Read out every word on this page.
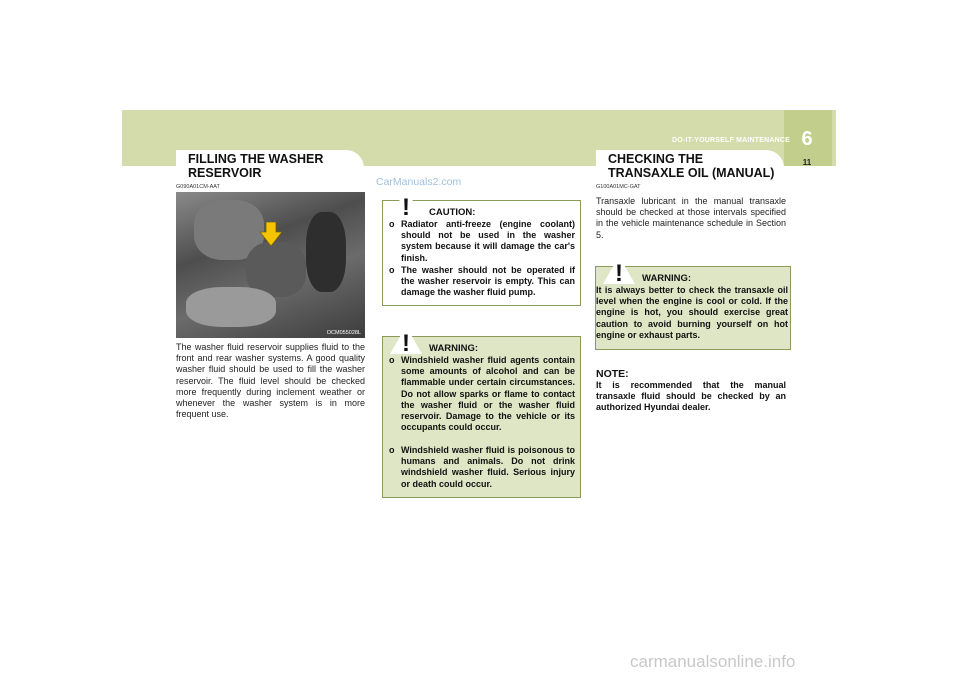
6
DO-IT-YOURSELF MAINTENANCE
11
FILLING THE WASHER
RESERVOIR
G090A01CM-AAT
OCM055028L
The washer fluid reservoir supplies fluid to the front and rear washer systems. A good quality washer fluid should be used to fill the washer reservoir. The fluid level should be checked more frequently during inclement weather or whenever the washer system is in more frequent use.
CarManuals2.com
! CAUTION:
o Radiator anti-freeze (engine coolant) should not be used in the washer system because it will damage the car's finish.
o The washer should not be operated if the washer reservoir is empty. This can damage the washer fluid pump.
! WARNING:
o Windshield washer fluid agents contain some amounts of alcohol and can be flammable under certain circumstances. Do not allow sparks or flame to contact the washer fluid or the washer fluid reservoir. Damage to the vehicle or its occupants could occur.
o Windshield washer fluid is poisonous to humans and animals. Do not drink windshield washer fluid. Serious injury or death could occur.
CHECKING THE
TRANSAXLE OIL (MANUAL)
G100A01MC-GAT
Transaxle lubricant in the manual transaxle should be checked at those intervals specified in the vehicle maintenance schedule in Section 5.
! WARNING:
It is always better to check the transaxle oil level when the engine is cool or cold. If the engine is hot, you should exercise great caution to avoid burning yourself on hot engine or exhaust parts.
NOTE:
It is recommended that the manual transaxle fluid should be checked by an authorized Hyundai dealer.
carmanualsonline.info
